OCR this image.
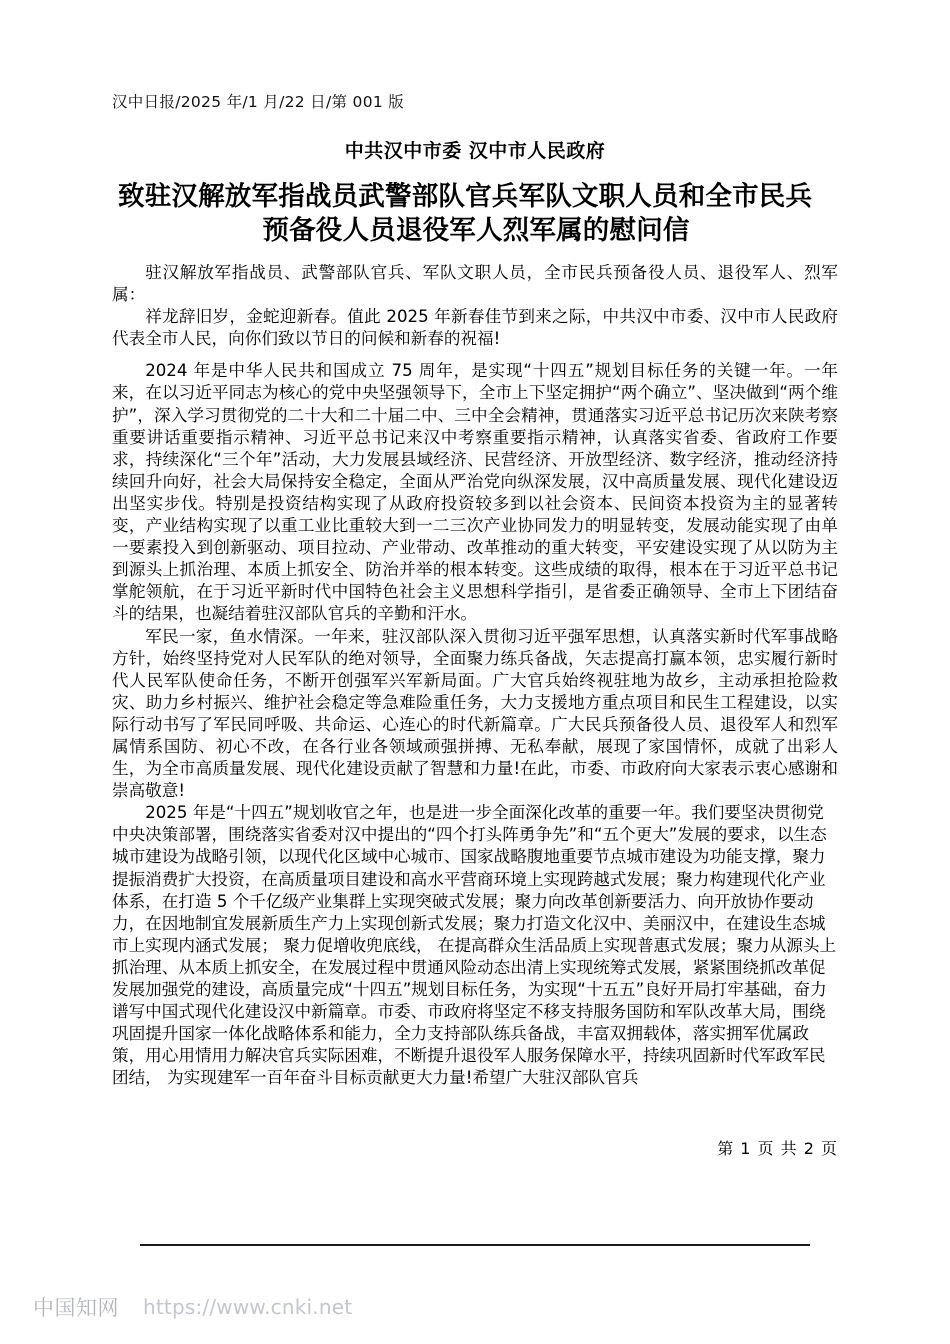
汉中日报/2025 年/1 月/22 日/第 001 版
中共汉中市委 汉中市人民政府
致驻汉解放军指战员武警部队官兵军队文职人员和全市民兵
预备役人员退役军人烈军属的慰问信

驻汉解放军指战员、武警部队官兵、军队文职人员，全市民兵预备役人员、退役军人、烈军属：

祥龙辞旧岁，金蛇迎新春。值此 2025 年新春佳节到来之际，中共汉中市委、汉中市人民政府代表全市人民，向你们致以节日的问候和新春的祝福!

2024 年是中华人民共和国成立 75 周年，是实现“十四五”规划目标任务的关键一年。一年来，在以习近平同志为核心的党中央坚强领导下，全市上下坚定拥护“两个确立”、坚决做到“两个维护”，深入学习贯彻党的二十大和二十届二中、三中全会精神，贯通落实习近平总书记历次来陕考察重要讲话重要指示精神、习近平总书记来汉中考察重要指示精神，认真落实省委、省政府工作要求，持续深化“三个年”活动，大力发展县域经济、民营经济、开放型经济、数字经济，推动经济持续回升向好，社会大局保持安全稳定，全面从严治党向纵深发展，汉中高质量发展、现代化建设迈出坚实步伐。特别是投资结构实现了从政府投资较多到以社会资本、民间资本投资为主的显著转变，产业结构实现了以重工业比重较大到一二三次产业协同发力的明显转变，发展动能实现了由单一要素投入到创新驱动、项目拉动、产业带动、改革推动的重大转变，平安建设实现了从以防为主到源头上抓治理、本质上抓安全、防治并举的根本转变。这些成绩的取得，根本在于习近平总书记掌舵领航，在于习近平新时代中国特色社会主义思想科学指引，是省委正确领导、全市上下团结奋斗的结果，也凝结着驻汉部队官兵的辛勤和汗水。

军民一家，鱼水情深。一年来，驻汉部队深入贯彻习近平强军思想，认真落实新时代军事战略方针，始终坚持党对人民军队的绝对领导，全面聚力练兵备战，矢志提高打赢本领，忠实履行新时代人民军队使命任务，不断开创强军兴军新局面。广大官兵始终视驻地为故乡，主动承担抢险救灾、助力乡村振兴、维护社会稳定等急难险重任务，大力支援地方重点项目和民生工程建设，以实际行动书写了军民同呼吸、共命运、心连心的时代新篇章。广大民兵预备役人员、退役军人和烈军属情系国防、初心不改，在各行业各领域顽强拼搏、无私奉献，展现了家国情怀，成就了出彩人生，为全市高质量发展、现代化建设贡献了智慧和力量!在此，市委、市政府向大家表示衷心感谢和崇高敬意!

2025 年是“十四五”规划收官之年，也是进一步全面深化改革的重要一年。我们要坚决贯彻党中央决策部署，围绕落实省委对汉中提出的“四个打头阵勇争先”和“五个更大”发展的要求，以生态城市建设为战略引领，以现代化区域中心城市、国家战略腹地重要节点城市建设为功能支撑，聚力提振消费扩大投资，在高质量项目建设和高水平营商环境上实现跨越式发展；聚力构建现代化产业体系，在打造 5 个千亿级产业集群上实现突破式发展；聚力向改革创新要活力、向开放协作要动力，在因地制宜发展新质生产力上实现创新式发展；聚力打造文化汉中、美丽汉中，在建设生态城市上实现内涵式发展； 聚力促增收兜底线， 在提高群众生活品质上实现普惠式发展；聚力从源头上抓治理、从本质上抓安全，在发展过程中贯通风险动态出清上实现统筹式发展，紧紧围绕抓改革促发展加强党的建设，高质量完成“十四五”规划目标任务，为实现“十五五”良好开局打牢基础，奋力谱写中国式现代化建设汉中新篇章。市委、市政府将坚定不移支持服务国防和军队改革大局，围绕巩固提升国家一体化战略体系和能力，全力支持部队练兵备战，丰富双拥载体，落实拥军优属政策，用心用情用力解决官兵实际困难，不断提升退役军人服务保障水平，持续巩固新时代军政军民团结， 为实现建军一百年奋斗目标贡献更大力量!希望广大驻汉部队官兵

第 1 页 共 2 页
中国知网 https://www.cnki.net
